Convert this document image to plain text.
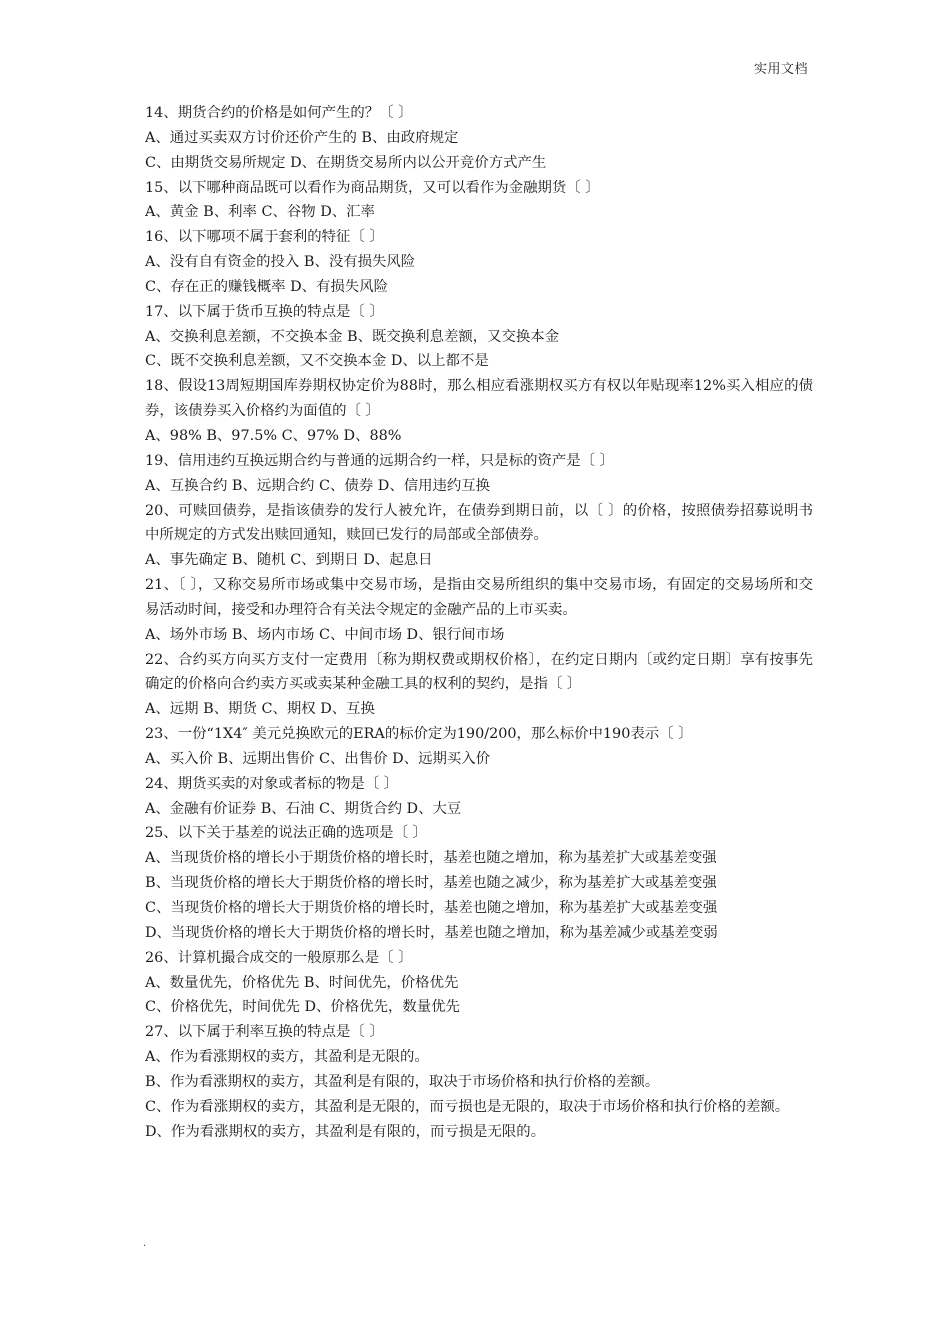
实用文档
14、期货合约的价格是如何产生的？〔 〕
A、通过买卖双方讨价还价产生的 B、由政府规定
C、由期货交易所规定 D、在期货交易所内以公开竞价方式产生
15、以下哪种商品既可以看作为商品期货，又可以看作为金融期货〔 〕
A、黄金 B、利率 C、谷物 D、汇率
16、以下哪项不属于套利的特征〔 〕
A、没有自有资金的投入 B、没有损失风险
C、存在正的赚钱概率 D、有损失风险
17、以下属于货币互换的特点是〔 〕
A、交换利息差额，不交换本金 B、既交换利息差额，又交换本金
C、既不交换利息差额，又不交换本金 D、以上都不是
18、假设13周短期国库券期权协定价为88时，那么相应看涨期权买方有权以年贴现率12%买入相应的债券，该债券买入价格约为面值的〔 〕
A、98% B、97.5% C、97% D、88%
19、信用违约互换远期合约与普通的远期合约一样，只是标的资产是〔 〕
A、互换合约 B、远期合约 C、债券 D、信用违约互换
20、可赎回债券，是指该债券的发行人被允许，在债券到期日前，以〔 〕的价格，按照债券招募说明书中所规定的方式发出赎回通知，赎回已发行的局部或全部债券。
A、事先确定 B、随机 C、到期日 D、起息日
21、〔 〕，又称交易所市场或集中交易市场，是指由交易所组织的集中交易市场，有固定的交易场所和交易活动时间，接受和办理符合有关法令规定的金融产品的上市买卖。
A、场外市场 B、场内市场 C、中间市场 D、银行间市场
22、合约买方向买方支付一定费用〔称为期权费或期权价格〕，在约定日期内〔或约定日期〕享有按事先确定的价格向合约卖方买或卖某种金融工具的权利的契约，是指〔 〕
A、远期 B、期货 C、期权 D、互换
23、一份“1X4″ 美元兑换欧元的ERA的标价定为190/200，那么标价中190表示〔 〕
A、买入价 B、远期出售价 C、出售价 D、远期买入价
24、期货买卖的对象或者标的物是〔 〕
A、金融有价证券 B、石油 C、期货合约 D、大豆
25、以下关于基差的说法正确的选项是〔 〕
A、当现货价格的增长小于期货价格的增长时，基差也随之增加，称为基差扩大或基差变强
B、当现货价格的增长大于期货价格的增长时，基差也随之减少，称为基差扩大或基差变强
C、当现货价格的增长大于期货价格的增长时，基差也随之增加，称为基差扩大或基差变强
D、当现货价格的增长大于期货价格的增长时，基差也随之增加，称为基差减少或基差变弱
26、计算机撮合成交的一般原那么是〔 〕
A、数量优先，价格优先 B、时间优先，价格优先
C、价格优先，时间优先 D、价格优先，数量优先
27、以下属于利率互换的特点是〔 〕
A、作为看涨期权的卖方，其盈利是无限的。
B、作为看涨期权的卖方，其盈利是有限的，取决于市场价格和执行价格的差额。
C、作为看涨期权的卖方，其盈利是无限的，而亏损也是无限的，取决于市场价格和执行价格的差额。
D、作为看涨期权的卖方，其盈利是有限的，而亏损是无限的。
.
